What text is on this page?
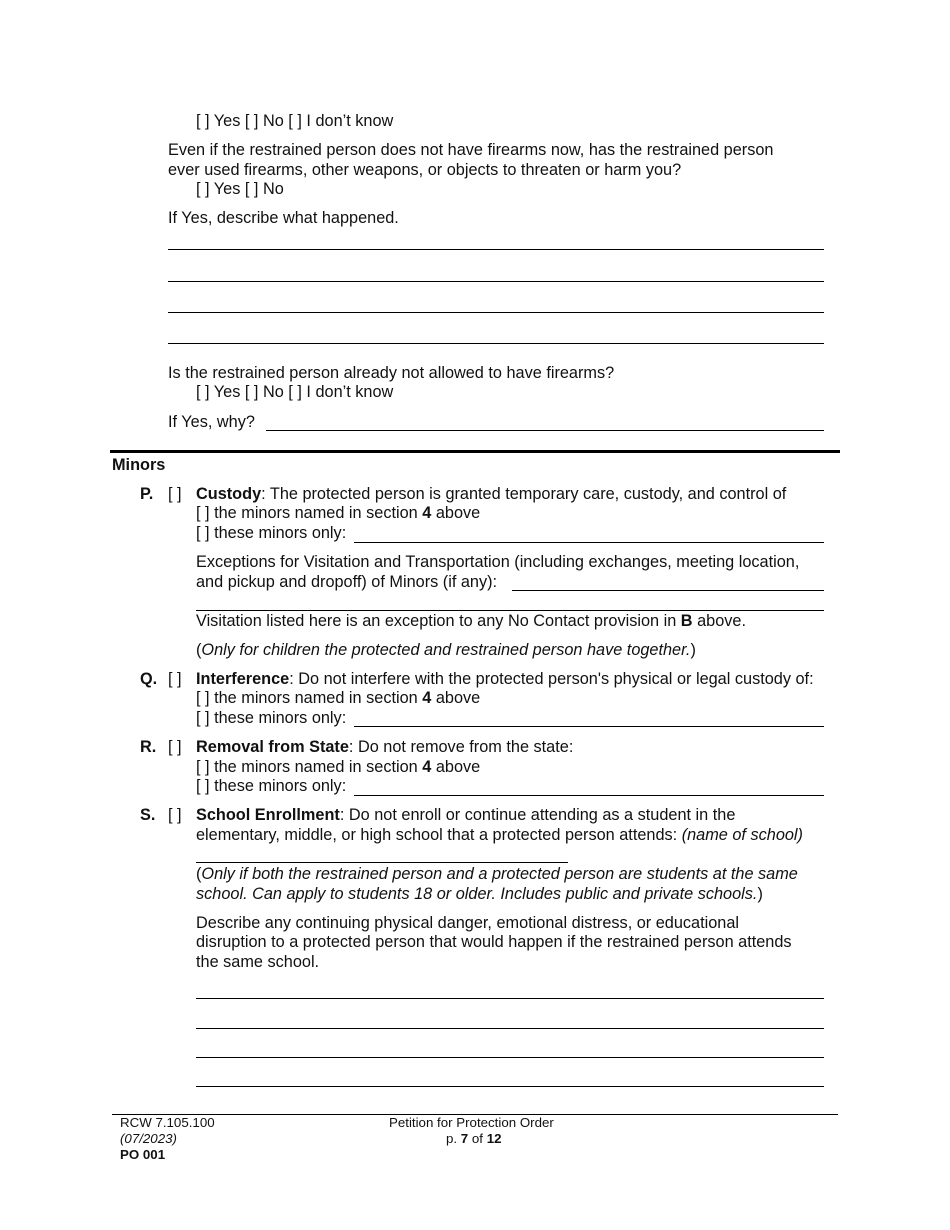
[ ] Yes [ ] No [ ] I don’t know
Even if the restrained person does not have firearms now, has the restrained person
ever used firearms, other weapons, or objects to threaten or harm you?
[ ] Yes [ ] No
If Yes, describe what happened.
Is the restrained person already not allowed to have firearms?
[ ] Yes [ ] No [ ] I don’t know
If Yes, why?
Minors
P. [ ] Custody: The protected person is granted temporary care, custody, and control of
[ ] the minors named in section 4 above
[ ] these minors only:
Exceptions for Visitation and Transportation (including exchanges, meeting location,
and pickup and dropoff) of Minors (if any):
Visitation listed here is an exception to any No Contact provision in B above.
(Only for children the protected and restrained person have together.)
Q. [ ] Interference: Do not interfere with the protected person's physical or legal custody of:
[ ] the minors named in section 4 above
[ ] these minors only:
R. [ ] Removal from State: Do not remove from the state:
[ ] the minors named in section 4 above
[ ] these minors only:
S. [ ] School Enrollment: Do not enroll or continue attending as a student in the
elementary, middle, or high school that a protected person attends: (name of school)
(Only if both the restrained person and a protected person are students at the same
school. Can apply to students 18 or older. Includes public and private schools.)
Describe any continuing physical danger, emotional distress, or educational
disruption to a protected person that would happen if the restrained person attends
the same school.
RCW 7.105.100
(07/2023)
PO 001
Petition for Protection Order
p. 7 of 12
